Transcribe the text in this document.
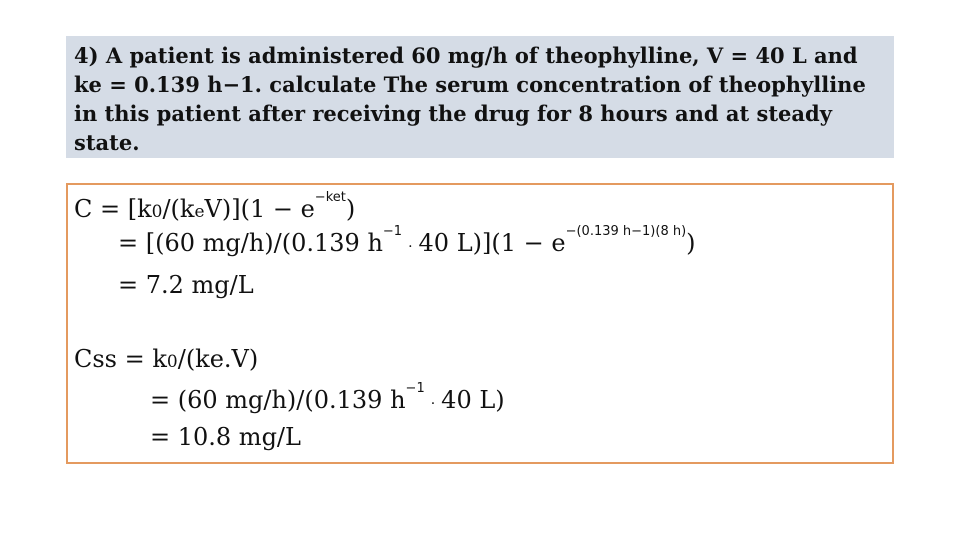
4) A patient is administered 60 mg/h of theophylline, V = 40 L and ke = 0.139 h−1. calculate The serum concentration of theophylline in this patient after receiving the drug for 8 hours and at steady state.

$C = [k0/(keV)](1 - e^{-ket})$
= [(60 mg/h)/(0.139 $h^{-1}\cdot 40$ $L)](1 - e^{-(0.139 h-1)(8 h)})$
= 7.2 mg/L
Css = k0/(ke.V)
= (60 mg/h)/(0.139 $h^{-1}\cdot 40$ L)
= 10.8 mg/L
